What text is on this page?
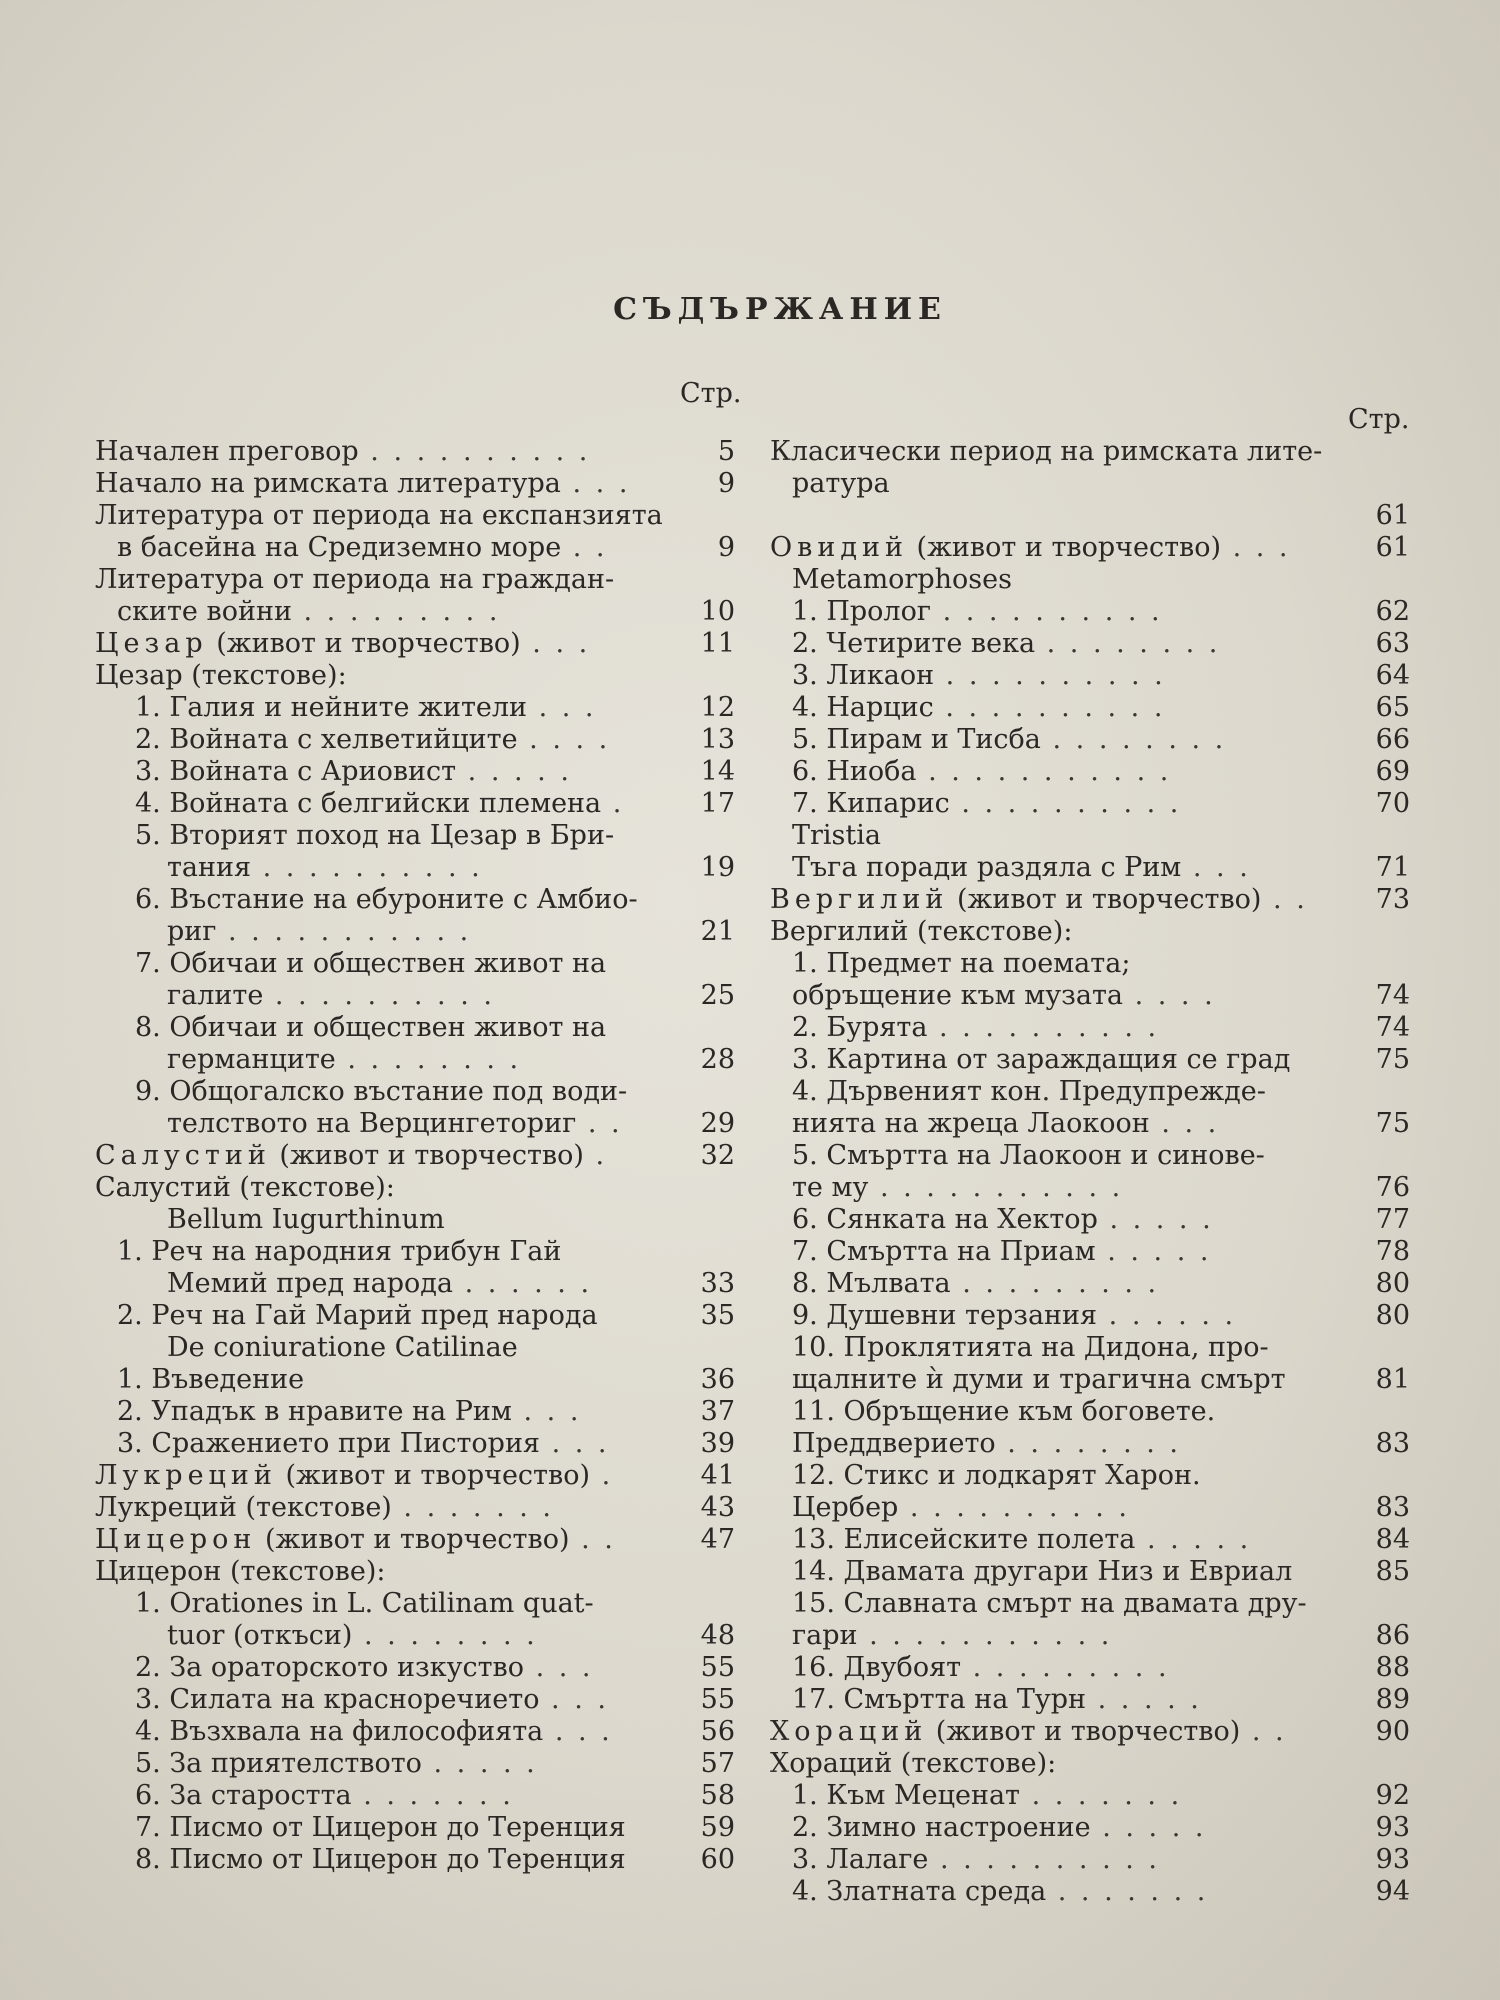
СЪДЪРЖАНИЕ
Стр.
Стр.
Начален преговор . . . . . . . . . .	5
Начало на римската литература . . .	9
Литература от периода на експанзията
в басейна на Средиземно море . .	9
Литература от периода на граждан-
ските войни . . . . . . . . .	10
Цезар (живот и творчество) . . .	11
Цезар (текстове):
1. Галия и нейните жители . . .	12
2. Войната с хелветийците . . . .	13
3. Войната с Ариовист . . . . .	14
4. Войната с белгийски племена .	17
5. Вторият поход на Цезар в Бри-
тания . . . . . . . . . .	19
6. Въстание на ебуроните с Амбио-
риг . . . . . . . . . . .	21
7. Обичаи и обществен живот на
галите . . . . . . . . . .	25
8. Обичаи и обществен живот на
германците . . . . . . . .	28
9. Общогалско въстание под води-
телството на Верцингеториг . .	29
Салустий (живот и творчество) .	32
Салустий (текстове):
Bellum Iugurthinum
1. Реч на народния трибун Гай
Мемий пред народа . . . . . .	33
2. Реч на Гай Марий пред народа	35
De coniuratione Catilinae
1. Въведение	36
2. Упадък в нравите на Рим . . .	37
3. Сражението при Пистория . . .	39
Лукреций (живот и творчество) .	41
Лукреций (текстове) . . . . . . .	43
Цицерон (живот и творчество) . .	47
Цицерон (текстове):
1. Orationes in L. Catilinam quat-
tuor (откъси) . . . . . . . .	48
2. За ораторското изкуство . . .	55
3. Силата на красноречието . . .	55
4. Възхвала на философията . . .	56
5. За приятелството . . . . .	57
6. За старостта . . . . . . .	58
7. Писмо от Цицерон до Теренция	59
8. Писмо от Цицерон до Теренция	60
Класически период на римската лите-
ратура
61
Овидий (живот и творчество) . . .	61
Metamorphoses
1. Пролог . . . . . . . . . .	62
2. Четирите века . . . . . . . .	63
3. Ликаон . . . . . . . . . .	64
4. Нарцис . . . . . . . . . .	65
5. Пирам и Тисба . . . . . . . .	66
6. Ниоба . . . . . . . . . . .	69
7. Кипарис . . . . . . . . . .	70
Tristia
Тъга поради раздяла с Рим . . .	71
Вергилий (живот и творчество) . .	73
Вергилий (текстове):
1. Предмет на поемата;
обръщение към музата . . . .	74
2. Бурята . . . . . . . . . .	74
3. Картина от зараждащия се град	75
4. Дървеният кон. Предупрежде-
нията на жреца Лаокоон . . .	75
5. Смъртта на Лаокоон и синове-
те му . . . . . . . . . . .	76
6. Сянката на Хектор . . . . .	77
7. Смъртта на Приам . . . . .	78
8. Мълвата . . . . . . . . .	80
9. Душевни терзания . . . . . .	80
10. Проклятията на Дидона, про-
щалните ѝ думи и трагична смърт	81
11. Обръщение към боговете.
Преддверието . . . . . . . .	83
12. Стикс и лодкарят Харон.
Цербер . . . . . . . . . .	83
13. Елисейските полета . . . . .	84
14. Двамата другари Низ и Евриал	85
15. Славната смърт на двамата дру-
гари . . . . . . . . . . .	86
16. Двубоят . . . . . . . . .	88
17. Смъртта на Турн . . . . .	89
Хораций (живот и творчество) . .	90
Хораций (текстове):
1. Към Меценат . . . . . . .	92
2. Зимно настроение . . . . .	93
3. Лалаге . . . . . . . . . .	93
4. Златната среда . . . . . . .	94
